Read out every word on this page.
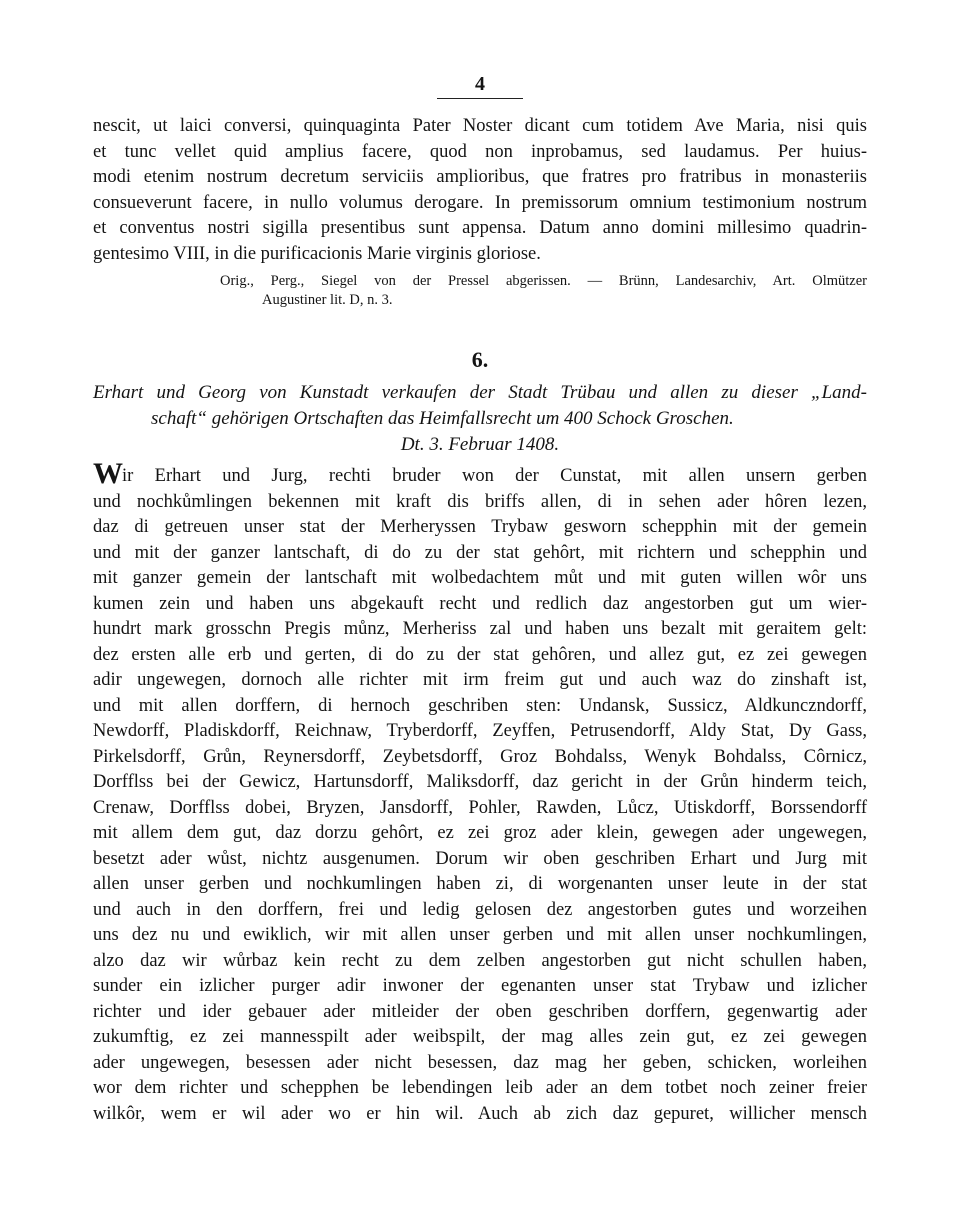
4
nescit, ut laici conversi, quinquaginta Pater Noster dicant cum totidem Ave Maria, nisi quis
et tunc vellet quid amplius facere, quod non inprobamus, sed laudamus. Per huius-
modi etenim nostrum decretum serviciis amplioribus, que fratres pro fratribus in monasteriis
consueverunt facere, in nullo volumus derogare. In premissorum omnium testimonium nostrum
et conventus nostri sigilla presentibus sunt appensa. Datum anno domini millesimo quadrin-
gentesimo VIII, in die purificacionis Marie virginis gloriose.
Orig., Perg., Siegel von der Pressel abgerissen. — Brünn, Landesarchiv, Art. Olmützer
Augustiner lit. D, n. 3.
6.
Erhart und Georg von Kunstadt verkaufen der Stadt Trübau und allen zu dieser „Land-
schaft“ gehörigen Ortschaften das Heimfallsrecht um 400 Schock Groschen.
Dt. 3. Februar 1408.
Wir Erhart und Jurg, rechti bruder won der Cunstat, mit allen unsern gerben
und nochkůmlingen bekennen mit kraft dis briffs allen, di in sehen ader hôren lezen,
daz di getreuen unser stat der Merheryssen Trybaw gesworn schepphin mit der gemein
und mit der ganzer lantschaft, di do zu der stat gehôrt, mit richtern und schepphin und
mit ganzer gemein der lantschaft mit wolbedachtem můt und mit guten willen wôr uns
kumen zein und haben uns abgekauft recht und redlich daz angestorben gut um wier-
hundrt mark grosschn Pregis můnz, Merheriss zal und haben uns bezalt mit geraitem gelt:
dez ersten alle erb und gerten, di do zu der stat gehôren, und allez gut, ez zei gewegen
adir ungewegen, dornoch alle richter mit irm freim gut und auch waz do zinshaft ist,
und mit allen dorffern, di hernoch geschriben sten: Undansk, Sussicz, Aldkuncznd​orff,
Newdorff, Pladiskdorff, Reichnaw, Tryberdorff, Zeyffen, Petrusendorff, Aldy Stat, Dy Gass,
Pirkelsdorff, Grůn, Reynersdorff, Zeybetsdorff, Groz Bohdalss, Wenyk Bohdalss, Côrnicz,
Dorfflss bei der Gewicz, Hartunsdorff, Maliksdorff, daz gericht in der Grůn hinderm teich,
Crenaw, Dorfflss dobei, Bryzen, Jansdorff, Pohler, Rawden, Lůcz, Utiskdorff, Borssendorff
mit allem dem gut, daz dorzu gehôrt, ez zei groz ader klein, gewegen ader ungewegen,
besetzt ader wůst, nichtz ausgenumen. Dorum wir oben geschriben Erhart und Jurg mit
allen unser gerben und nochkumlingen haben zi, di worgenanten unser leute in der stat
und auch in den dorffern, frei und ledig gelosen dez angestorben gutes und worzeihen
uns dez nu und ewiklich, wir mit allen unser gerben und mit allen unser nochkumlingen,
alzo daz wir wůrbaz kein recht zu dem zelben angestorben gut nicht schullen haben,
sunder ein izlicher purger adir inwoner der egenanten unser stat Trybaw und izlicher
richter und ider gebauer ader mitleider der oben geschriben dorffern, gegenwartig ader
zukumftig, ez zei mannesspilt ader weibspilt, der mag alles zein gut, ez zei gewegen
ader ungewegen, besessen ader nicht besessen, daz mag her geben, schicken, worleihen
wor dem richter und schepphen be lebendingen leib ader an dem totbet noch zeiner freier
wilkôr, wem er wil ader wo er hin wil. Auch ab zich daz gepuret, willicher mensch
